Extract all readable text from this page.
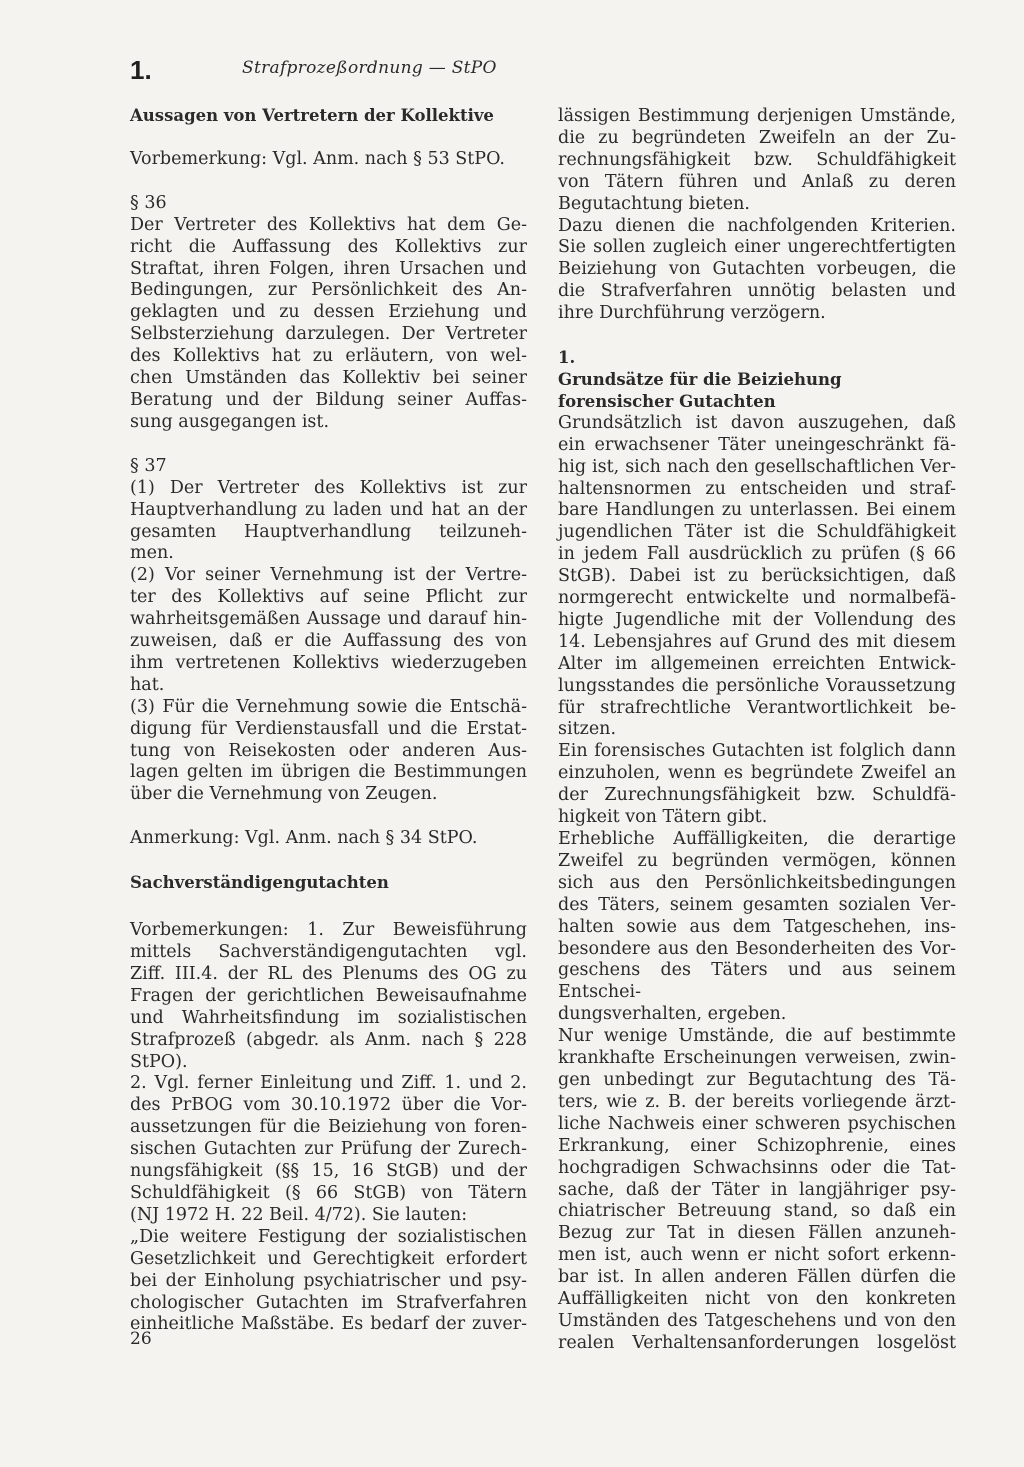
1.	Strafprozeßordnung — StPO

Aussagen von Vertretern der Kollektive

Vorbemerkung: Vgl. Anm. nach § 53 StPO.

§ 36

Der Vertreter des Kollektivs hat dem Ge-

richt die Auffassung des Kollektivs zur

Straftat, ihren Folgen, ihren Ursachen und

Bedingungen, zur Persönlichkeit des An-

geklagten und zu dessen Erziehung und

Selbsterziehung darzulegen. Der Vertreter

des Kollektivs hat zu erläutern, von wel-

chen Umständen das Kollektiv bei seiner

Beratung und der Bildung seiner Auffas-

sung ausgegangen ist.

§ 37

(1) Der Vertreter des Kollektivs ist zur

Hauptverhandlung zu laden und hat an der

gesamten Hauptverhandlung teilzuneh-

men.

(2) Vor seiner Vernehmung ist der Vertre-

ter des Kollektivs auf seine Pflicht zur

wahrheitsgemäßen Aussage und darauf hin-

zuweisen, daß er die Auffassung des von

ihm vertretenen Kollektivs wiederzugeben

hat.

(3) Für die Vernehmung sowie die Entschä-

digung für Verdienstausfall und die Erstat-

tung von Reisekosten oder anderen Aus-

lagen gelten im übrigen die Bestimmungen

über die Vernehmung von Zeugen.

Anmerkung: Vgl. Anm. nach § 34 StPO.

Sachverständigengutachten

Vorbemerkungen: 1. Zur Beweisführung

mittels Sachverständigengutachten vgl.

Ziff. III.4. der RL des Plenums des OG zu

Fragen der gerichtlichen Beweisaufnahme

und Wahrheitsfindung im sozialistischen

Strafprozeß (abgedr. als Anm. nach § 228

StPO).

2. Vgl. ferner Einleitung und Ziff. 1. und 2.

des PrBOG vom 30.10.1972 über die Vor-

aussetzungen für die Beiziehung von foren-

sischen Gutachten zur Prüfung der Zurech-

nungsfähigkeit (§§ 15, 16 StGB) und der

Schuldfähigkeit (§ 66 StGB) von Tätern

(NJ 1972 H. 22 Beil. 4/72). Sie lauten:

„Die weitere Festigung der sozialistischen

Gesetzlichkeit und Gerechtigkeit erfordert

bei der Einholung psychiatrischer und psy-

chologischer Gutachten im Strafverfahren

einheitliche Maßstäbe. Es bedarf der zuver-

lässigen Bestimmung derjenigen Umstände,

die zu begründeten Zweifeln an der Zu-

rechnungsfähigkeit bzw. Schuldfähigkeit

von Tätern führen und Anlaß zu deren

Begutachtung bieten.

Dazu dienen die nachfolgenden Kriterien.

Sie sollen zugleich einer ungerechtfertigten

Beiziehung von Gutachten vorbeugen, die

die Strafverfahren unnötig belasten und

ihre Durchführung verzögern.

1.

Grundsätze für die Beiziehung

forensischer Gutachten

Grundsätzlich ist davon auszugehen, daß

ein erwachsener Täter uneingeschränkt fä-

hig ist, sich nach den gesellschaftlichen Ver-

haltensnormen zu entscheiden und straf-

bare Handlungen zu unterlassen. Bei einem

jugendlichen Täter ist die Schuldfähigkeit

in jedem Fall ausdrücklich zu prüfen (§ 66

StGB). Dabei ist zu berücksichtigen, daß

normgerecht entwickelte und normalbefä-

higte Jugendliche mit der Vollendung des

14. Lebensjahres auf Grund des mit diesem

Alter im allgemeinen erreichten Entwick-

lungsstandes die persönliche Voraussetzung

für strafrechtliche Verantwortlichkeit be-

sitzen.

Ein forensisches Gutachten ist folglich dann

einzuholen, wenn es begründete Zweifel an

der Zurechnungsfähigkeit bzw. Schuldfä-

higkeit von Tätern gibt.

Erhebliche Auffälligkeiten, die derartige

Zweifel zu begründen vermögen, können

sich aus den Persönlichkeitsbedingungen

des Täters, seinem gesamten sozialen Ver-

halten sowie aus dem Tatgeschehen, ins-

besondere aus den Besonderheiten des Vor-

geschens des Täters und aus seinem Entschei-

dungsverhalten, ergeben.

Nur wenige Umstände, die auf bestimmte

krankhafte Erscheinungen verweisen, zwin-

gen unbedingt zur Begutachtung des Tä-

ters, wie z. B. der bereits vorliegende ärzt-

liche Nachweis einer schweren psychischen

Erkrankung, einer Schizophrenie, eines

hochgradigen Schwachsinns oder die Tat-

sache, daß der Täter in langjähriger psy-

chiatrischer Betreuung stand, so daß ein

Bezug zur Tat in diesen Fällen anzuneh-

men ist, auch wenn er nicht sofort erkenn-

bar ist. In allen anderen Fällen dürfen die

Auffälligkeiten nicht von den konkreten

Umständen des Tatgeschehens und von den

realen Verhaltensanforderungen losgelöst

26
